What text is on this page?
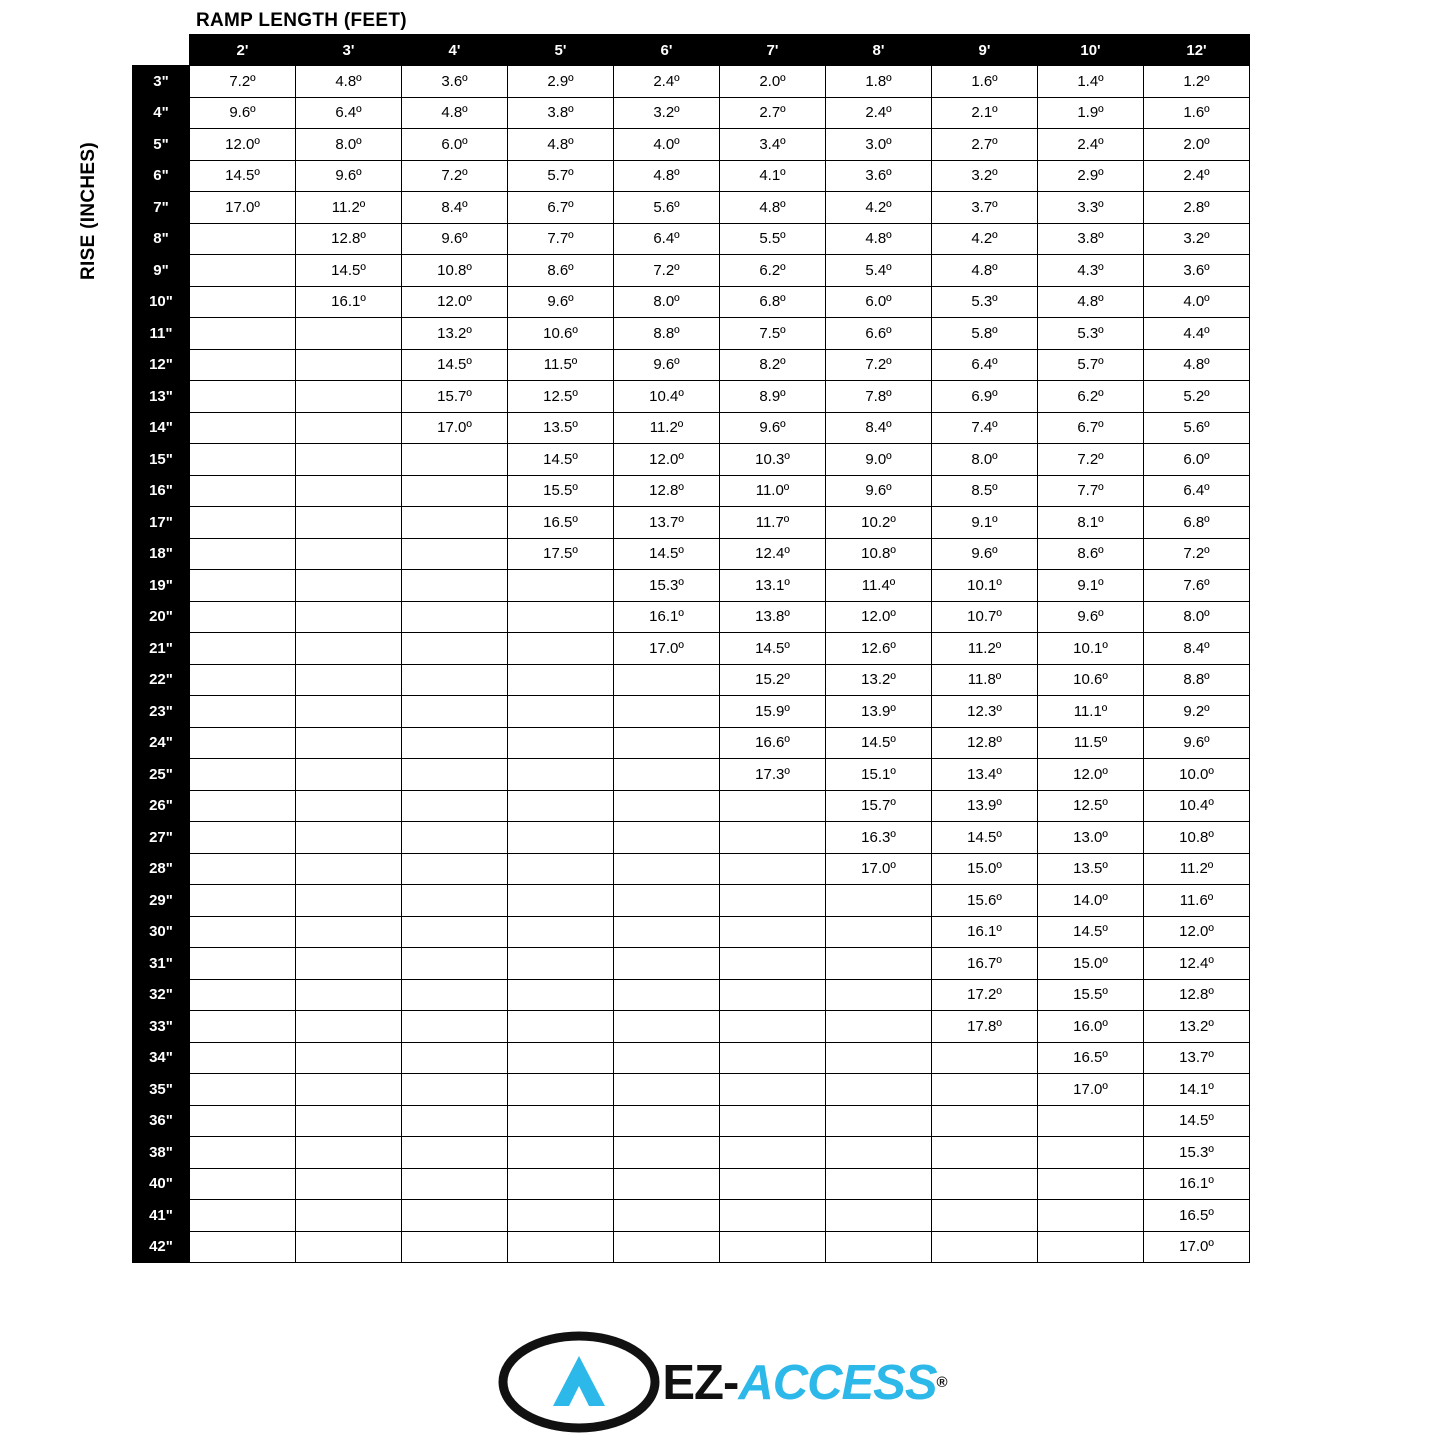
RAMP LENGTH (FEET)
RISE (INCHES)
	2'	3'	4'	5'	6'	7'	8'	9'	10'	12'
3"	7.2º	4.8º	3.6º	2.9º	2.4º	2.0º	1.8º	1.6º	1.4º	1.2º
4"	9.6º	6.4º	4.8º	3.8º	3.2º	2.7º	2.4º	2.1º	1.9º	1.6º
5"	12.0º	8.0º	6.0º	4.8º	4.0º	3.4º	3.0º	2.7º	2.4º	2.0º
6"	14.5º	9.6º	7.2º	5.7º	4.8º	4.1º	3.6º	3.2º	2.9º	2.4º
7"	17.0º	11.2º	8.4º	6.7º	5.6º	4.8º	4.2º	3.7º	3.3º	2.8º
8"		12.8º	9.6º	7.7º	6.4º	5.5º	4.8º	4.2º	3.8º	3.2º
9"		14.5º	10.8º	8.6º	7.2º	6.2º	5.4º	4.8º	4.3º	3.6º
10"		16.1º	12.0º	9.6º	8.0º	6.8º	6.0º	5.3º	4.8º	4.0º
11"			13.2º	10.6º	8.8º	7.5º	6.6º	5.8º	5.3º	4.4º
12"			14.5º	11.5º	9.6º	8.2º	7.2º	6.4º	5.7º	4.8º
13"			15.7º	12.5º	10.4º	8.9º	7.8º	6.9º	6.2º	5.2º
14"			17.0º	13.5º	11.2º	9.6º	8.4º	7.4º	6.7º	5.6º
15"				14.5º	12.0º	10.3º	9.0º	8.0º	7.2º	6.0º
16"				15.5º	12.8º	11.0º	9.6º	8.5º	7.7º	6.4º
17"				16.5º	13.7º	11.7º	10.2º	9.1º	8.1º	6.8º
18"				17.5º	14.5º	12.4º	10.8º	9.6º	8.6º	7.2º
19"					15.3º	13.1º	11.4º	10.1º	9.1º	7.6º
20"					16.1º	13.8º	12.0º	10.7º	9.6º	8.0º
21"					17.0º	14.5º	12.6º	11.2º	10.1º	8.4º
22"						15.2º	13.2º	11.8º	10.6º	8.8º
23"						15.9º	13.9º	12.3º	11.1º	9.2º
24"						16.6º	14.5º	12.8º	11.5º	9.6º
25"						17.3º	15.1º	13.4º	12.0º	10.0º
26"							15.7º	13.9º	12.5º	10.4º
27"							16.3º	14.5º	13.0º	10.8º
28"							17.0º	15.0º	13.5º	11.2º
29"								15.6º	14.0º	11.6º
30"								16.1º	14.5º	12.0º
31"								16.7º	15.0º	12.4º
32"								17.2º	15.5º	12.8º
33"								17.8º	16.0º	13.2º
34"									16.5º	13.7º
35"									17.0º	14.1º
36"										14.5º
38"										15.3º
40"										16.1º
41"										16.5º
42"										17.0º
EZ - ACCESS ®
